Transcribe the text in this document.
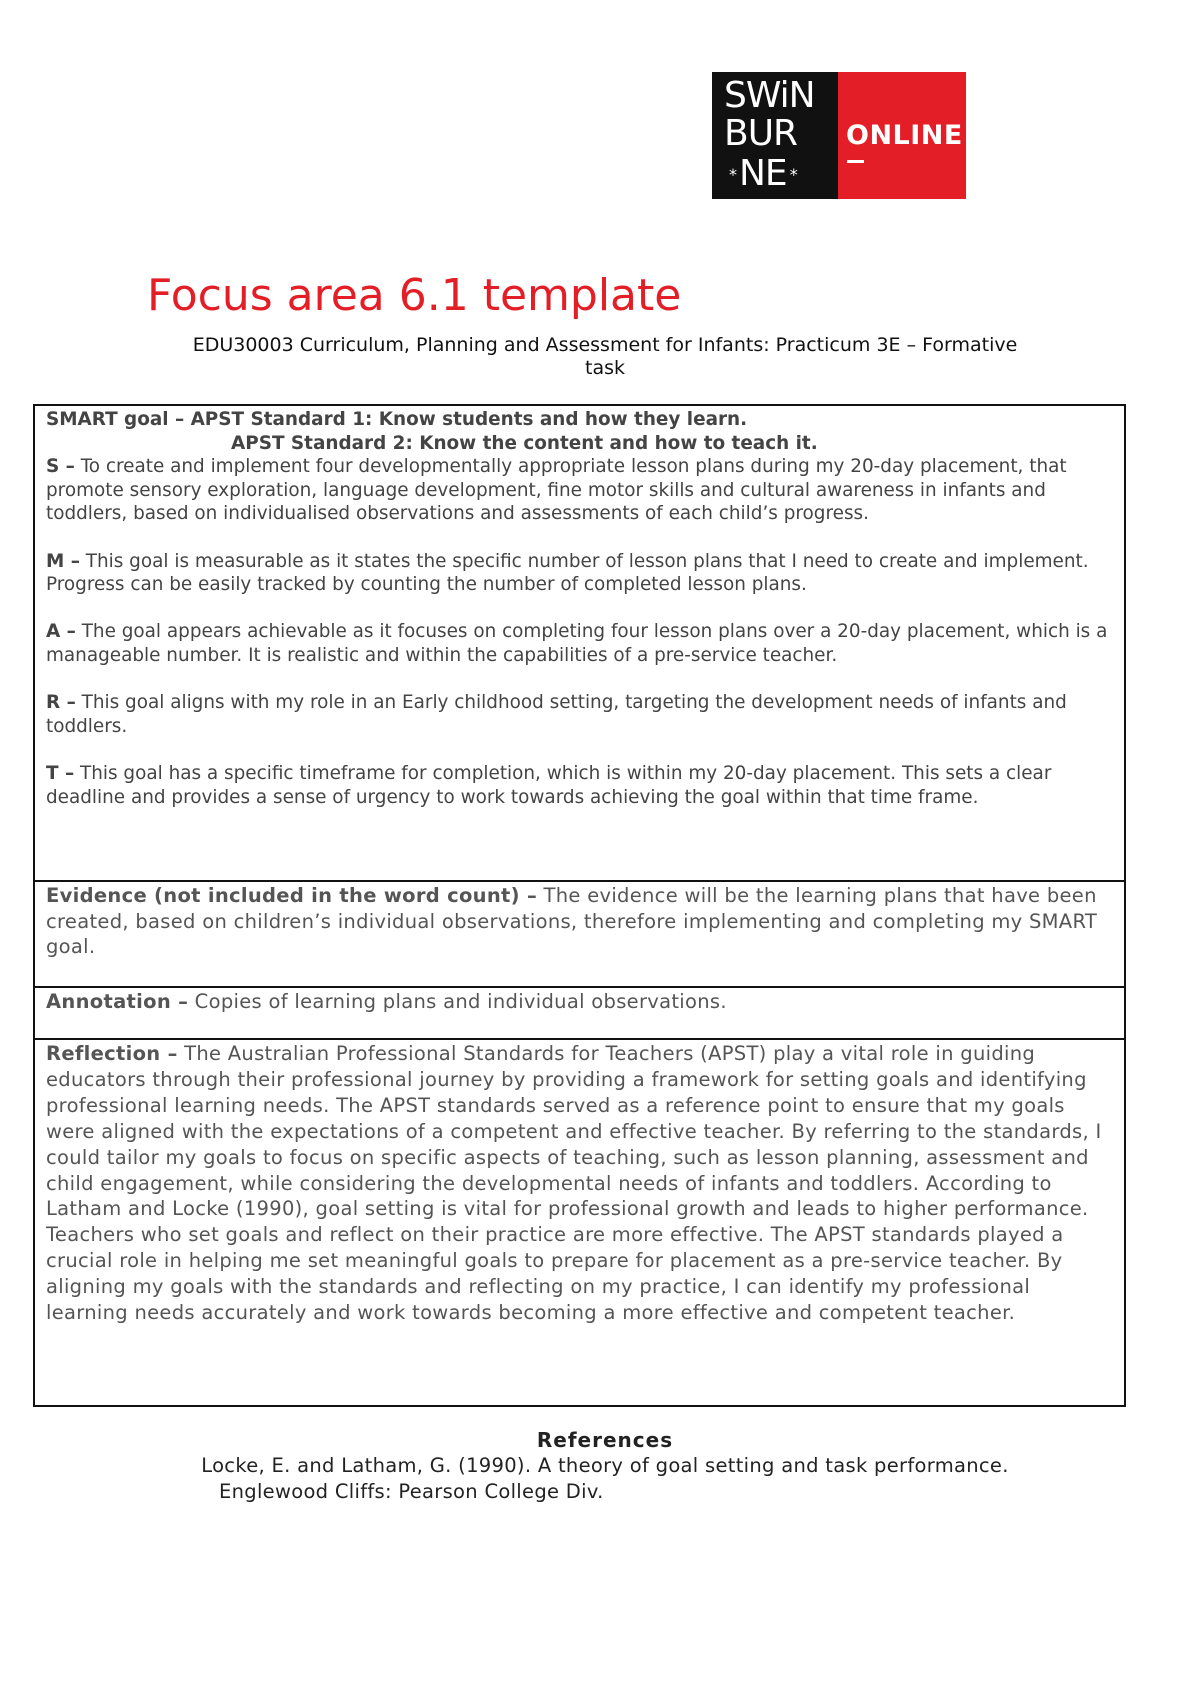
SWiN
BUR
*NE *
ONLINE
Focus area 6.1 template
EDU30003 Curriculum, Planning and Assessment for Infants: Practicum 3E – Formative
task
SMART goal – APST Standard 1: Know students and how they learn.
APST Standard 2: Know the content and how to teach it.

S – To create and implement four developmentally appropriate lesson plans during my 20-day placement, that promote sensory exploration, language development, fine motor skills and cultural awareness in infants and toddlers, based on individualised observations and assessments of each child’s progress.

M – This goal is measurable as it states the specific number of lesson plans that I need to create and implement. Progress can be easily tracked by counting the number of completed lesson plans.

A – The goal appears achievable as it focuses on completing four lesson plans over a 20-day placement, which is a manageable number. It is realistic and within the capabilities of a pre-service teacher.

R – This goal aligns with my role in an Early childhood setting, targeting the development needs of infants and toddlers.

T – This goal has a specific timeframe for completion, which is within my 20-day placement. This sets a clear deadline and provides a sense of urgency to work towards achieving the goal within that time frame.

Evidence (not included in the word count) – The evidence will be the learning plans that have been created, based on children’s individual observations, therefore implementing and completing my SMART goal.
Annotation – Copies of learning plans and individual observations.
Reflection – The Australian Professional Standards for Teachers (APST) play a vital role in guiding educators through their professional journey by providing a framework for setting goals and identifying professional learning needs. The APST standards served as a reference point to ensure that my goals were aligned with the expectations of a competent and effective teacher. By referring to the standards, I could tailor my goals to focus on specific aspects of teaching, such as lesson planning, assessment and child engagement, while considering the developmental needs of infants and toddlers. According to Latham and Locke (1990), goal setting is vital for professional growth and leads to higher performance. Teachers who set goals and reflect on their practice are more effective. The APST standards played a crucial role in helping me set meaningful goals to prepare for placement as a pre-service teacher. By aligning my goals with the standards and reflecting on my practice, I can identify my professional learning needs accurately and work towards becoming a more effective and competent teacher.
References
Locke, E. and Latham, G. (1990). A theory of goal setting and task performance.
Englewood Cliffs: Pearson College Div.
